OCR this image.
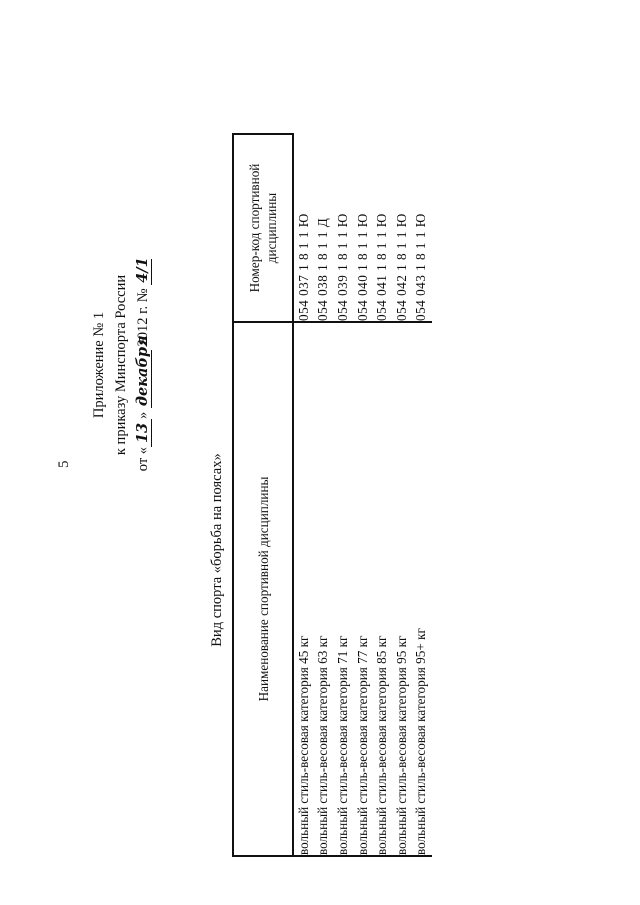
5
Приложение № 1 к приказу Минспорта России
от «13» декабря 2012 г. № 4/1
Вид спорта «борьба на поясах» Наименование спортивной дисциплины	Номер-код спортивной дисциплины

вольный стиль-весовая категория 45 кг	054 037 1 8 1 1 Ю
вольный стиль-весовая категория 63 кг	054 038 1 8 1 1 Д
вольный стиль-весовая категория 71 кг	054 039 1 8 1 1 Ю
вольный стиль-весовая категория 77 кг	054 040 1 8 1 1 Ю
вольный стиль-весовая категория 85 кг	054 041 1 8 1 1 Ю
вольный стиль-весовая категория 95 кг	054 042 1 8 1 1 Ю
вольный стиль-весовая категория 95+ кг	054 043 1 8 1 1 Ю
